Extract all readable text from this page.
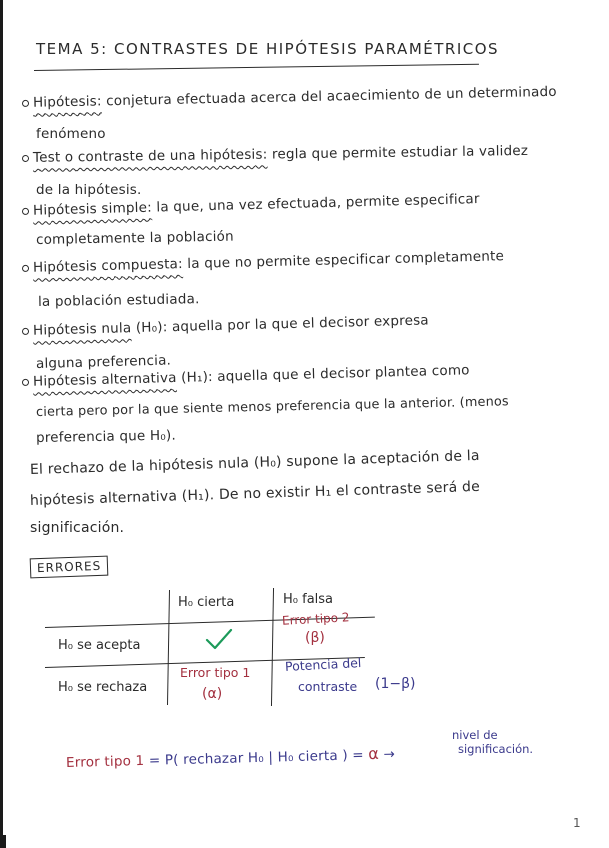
TEMA 5: CONTRASTES DE HIPÓTESIS PARAMÉTRICOS
Hipótesis: conjetura efectuada acerca del acaecimiento de un determinado
fenómeno
Test o contraste de una hipótesis: regla que permite estudiar la validez
de la hipótesis.
Hipótesis simple: la que, una vez efectuada, permite especificar
completamente la población
Hipótesis compuesta: la que no permite especificar completamente
la población estudiada.
Hipótesis nula (H₀): aquella por la que el decisor expresa
alguna preferencia.
Hipótesis alternativa (H₁): aquella que el decisor plantea como
cierta pero por la que siente menos preferencia que la anterior. (menos
preferencia que H₀).
El rechazo de la hipótesis nula (H₀) supone la aceptación de la
hipótesis alternativa (H₁). De no existir H₁ el contraste será de
significación.
ERRORES
H₀ cierta	H₀ falsa
H₀ se acepta
H₀ se rechaza
Error tipo 2
(β)
Error tipo 1
(α)
Potencia del
contraste (1−β)
Error tipo 1 = P( rechazar H₀ | H₀ cierta ) = α →
nivel de
significación.
1
